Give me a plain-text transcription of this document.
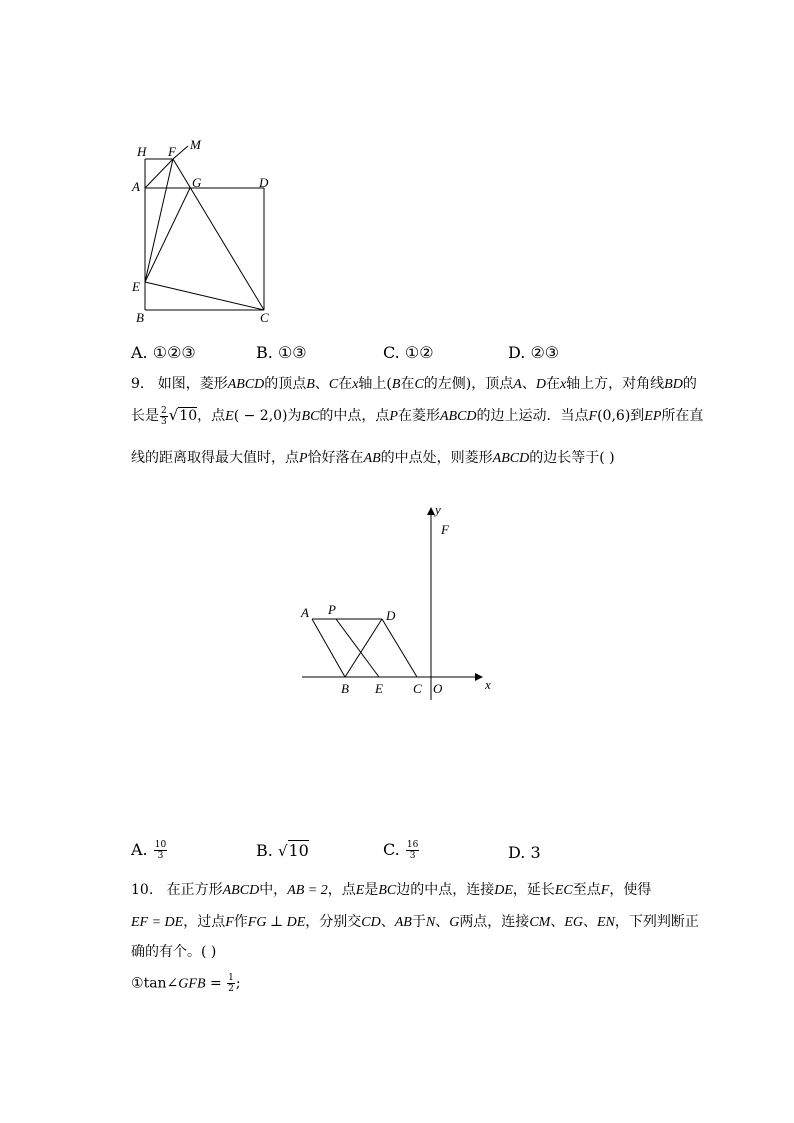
H F M
A	G	D
E
B	C
A. ①②③	B. ①③	C. ①②	D. ②③
9. 如图，菱形ABCD的顶点B、C在x轴上(B在C的左侧)，顶点A、D在x轴上方，对角线BD的
长是 $\frac{2}{3} √10$，点E( − 2,0)为BC的中点，点P在菱形ABCD的边上运动．当点F(0,6)到EP所在直
线的距离取得最大值时，点P恰好落在AB的中点处，则菱形ABCD的边长等于( )
y
F
A P	D
B E C O	x
A. $\frac{10}{3}$	B. √10	C. $\frac{16}{3}$	D. 3
10. 在正方形ABCD中，AB = 2，点E是BC边的中点，连接DE，延长EC至点F，使得
EF = DE，过点F作FG ⊥ DE，分别交CD、AB于N、G两点，连接CM、EG、EN，下列判断正
确的有个。( )
①tan∠GFB = $\frac{1}{2}$ ;
